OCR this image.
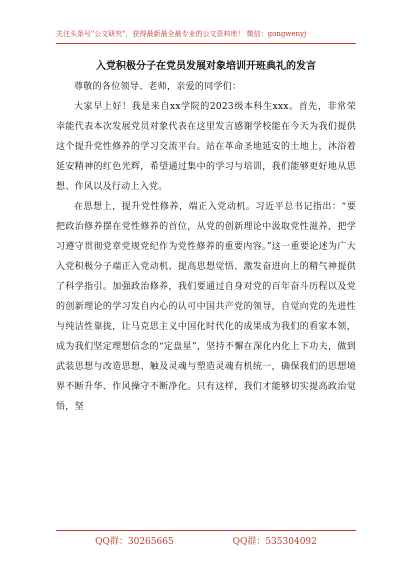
关注头条号"公文研究"，获得最新最全最专业的公文资料库！ 微信：gongwenyj
入党积极分子在党员发展对象培训开班典礼的发言

尊敬的各位领导、老师，亲爱的同学们：

大家早上好！我是来自xx学院的2023级本科生xxx。首先，非常荣幸能代表本次发展党员对象代表在这里发言感谢学校能在今天为我们提供这个提升党性修养的学习交流平台。站在革命圣地延安的土地上，沐浴着延安精神的红色光辉，希望通过集中的学习与培训，我们能够更好地从思想、作风以及行动上入党。

在思想上，提升党性修养，端正入党动机。习近平总书记指出：“要把政治修养摆在党性修养的首位，从党的创新理论中汲取党性滋养，把学习遵守贯彻党章党规党纪作为党性修养的重要内容。”这一重要论述为广大入党积极分子端正入党动机、提高思想觉悟、激发奋进向上的精气神提供了科学指引。加强政治修养，我们要通过自身对党的百年奋斗历程以及党的创新理论的学习发自内心的认可中国共产党的领导，自觉向党的先进性与纯洁性靠拢，让马克思主义中国化时代化的成果成为我们的看家本领，成为我们坚定理想信念的“定盘星”，坚持不懈在深化内化上下功夫，做到武装思想与改造思想、触及灵魂与塑造灵魂有机统一，确保我们的思想境界不断升华、作风操守不断净化。只有这样，我们才能够切实提高政治觉悟，坚

QQ群：30265665	QQ群：535304092
